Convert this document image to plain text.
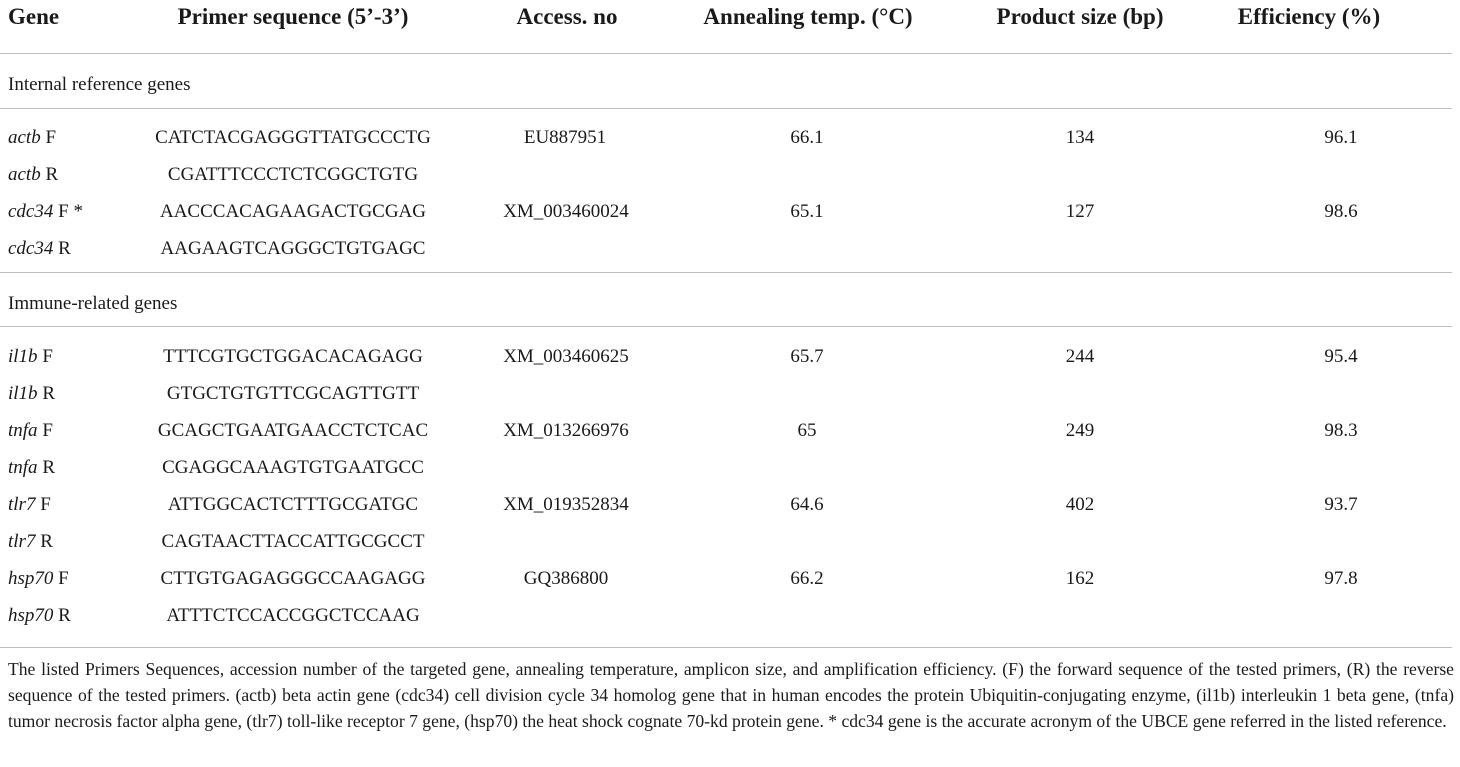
Gene	Primer sequence (5’-3’)	Access. no	Annealing temp. (°C)	Product size (bp)	Efficiency (%)
Internal reference genes
actb F	CATCTACGAGGGTTATGCCCTG	EU887951	66.1	134	96.1
actb R	CGATTTCCCTCTCGGCTGTG
cdc34 F *	AACCCACAGAAGACTGCGAG	XM_003460024	65.1	127	98.6
cdc34 R	AAGAAGTCAGGGCTGTGAGC
Immune-related genes
il1b F	TTTCGTGCTGGACACAGAGG	XM_003460625	65.7	244	95.4
il1b R	GTGCTGTGTTCGCAGTTGTT
tnfa F	GCAGCTGAATGAACCTCTCAC	XM_013266976	65	249	98.3
tnfa R	CGAGGCAAAGTGTGAATGCC
tlr7 F	ATTGGCACTCTTTGCGATGC	XM_019352834	64.6	402	93.7
tlr7 R	CAGTAACTTACCATTGCGCCT
hsp70 F	CTTGTGAGAGGGCCAAGAGG	GQ386800	66.2	162	97.8
hsp70 R	ATTTCTCCACCGGCTCCAAG
The listed Primers Sequences, accession number of the targeted gene, annealing temperature, amplicon size, and amplification efficiency. (F) the forward sequence of the tested primers, (R) the reverse sequence of the tested primers. (actb) beta actin gene (cdc34) cell division cycle 34 homolog gene that in human encodes the protein Ubiquitin-conjugating enzyme, (il1b) interleukin 1 beta gene, (tnfa) tumor necrosis factor alpha gene, (tlr7) toll-like receptor 7 gene, (hsp70) the heat shock cognate 70-kd protein gene. * cdc34 gene is the accurate acronym of the UBCE gene referred in the listed reference.
